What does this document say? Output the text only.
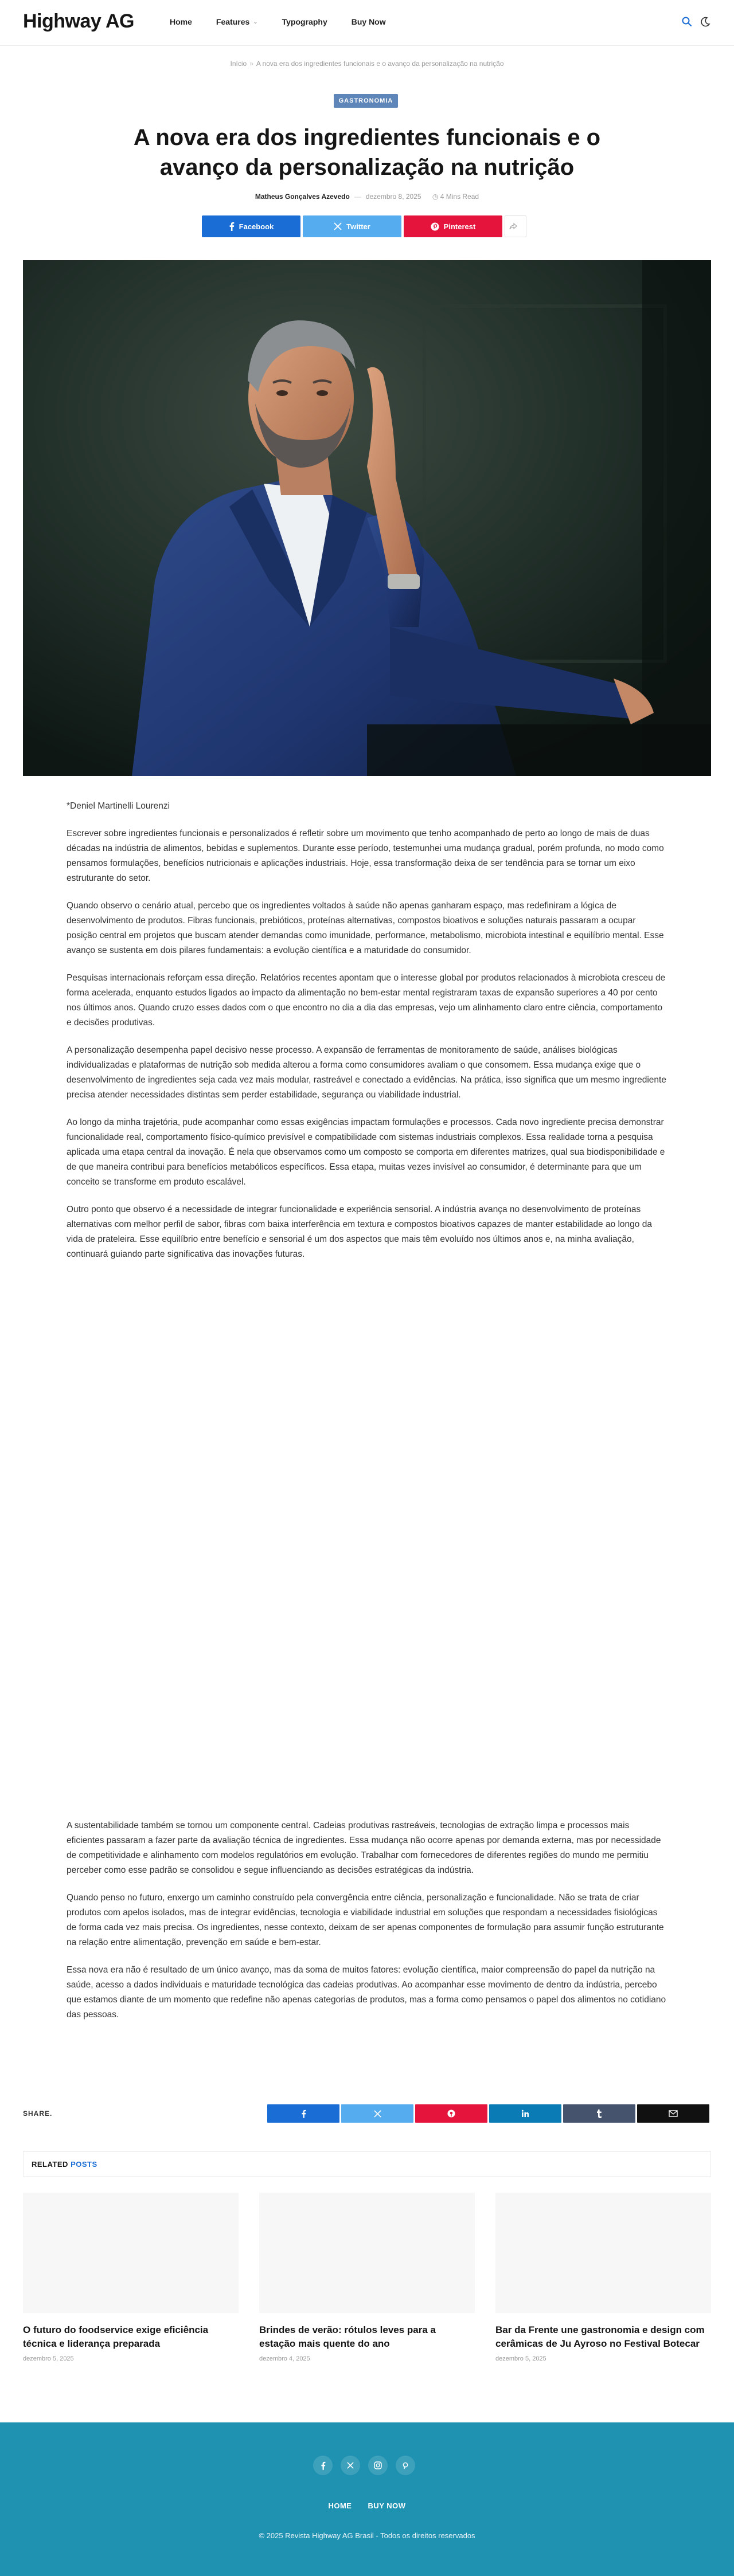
Highway AG	Home	Features ⌄	Typography	Buy Now
Início » A nova era dos ingredientes funcionais e o avanço da personalização na nutrição
GASTRONOMIA
A nova era dos ingredientes funcionais e o avanço da personalização na nutrição
Matheus Gonçalves Azevedo — dezembro 8, 2025 ◷ 4 Mins Read
Facebook	Twitter	Pinterest

*Deniel Martinelli Lourenzi

Escrever sobre ingredientes funcionais e personalizados é refletir sobre um movimento que tenho acompanhado de perto ao longo de mais de duas décadas na indústria de alimentos, bebidas e suplementos. Durante esse período, testemunhei uma mudança gradual, porém profunda, no modo como pensamos formulações, benefícios nutricionais e aplicações industriais. Hoje, essa transformação deixa de ser tendência para se tornar um eixo estruturante do setor.

Quando observo o cenário atual, percebo que os ingredientes voltados à saúde não apenas ganharam espaço, mas redefiniram a lógica de desenvolvimento de produtos. Fibras funcionais, prebióticos, proteínas alternativas, compostos bioativos e soluções naturais passaram a ocupar posição central em projetos que buscam atender demandas como imunidade, performance, metabolismo, microbiota intestinal e equilíbrio mental. Esse avanço se sustenta em dois pilares fundamentais: a evolução científica e a maturidade do consumidor.

Pesquisas internacionais reforçam essa direção. Relatórios recentes apontam que o interesse global por produtos relacionados à microbiota cresceu de forma acelerada, enquanto estudos ligados ao impacto da alimentação no bem-estar mental registraram taxas de expansão superiores a 40 por cento nos últimos anos. Quando cruzo esses dados com o que encontro no dia a dia das empresas, vejo um alinhamento claro entre ciência, comportamento e decisões produtivas.

A personalização desempenha papel decisivo nesse processo. A expansão de ferramentas de monitoramento de saúde, análises biológicas individualizadas e plataformas de nutrição sob medida alterou a forma como consumidores avaliam o que consomem. Essa mudança exige que o desenvolvimento de ingredientes seja cada vez mais modular, rastreável e conectado a evidências. Na prática, isso significa que um mesmo ingrediente precisa atender necessidades distintas sem perder estabilidade, segurança ou viabilidade industrial.

Ao longo da minha trajetória, pude acompanhar como essas exigências impactam formulações e processos. Cada novo ingrediente precisa demonstrar funcionalidade real, comportamento físico-químico previsível e compatibilidade com sistemas industriais complexos. Essa realidade torna a pesquisa aplicada uma etapa central da inovação. É nela que observamos como um composto se comporta em diferentes matrizes, qual sua biodisponibilidade e de que maneira contribui para benefícios metabólicos específicos. Essa etapa, muitas vezes invisível ao consumidor, é determinante para que um conceito se transforme em produto escalável.

Outro ponto que observo é a necessidade de integrar funcionalidade e experiência sensorial. A indústria avança no desenvolvimento de proteínas alternativas com melhor perfil de sabor, fibras com baixa interferência em textura e compostos bioativos capazes de manter estabilidade ao longo da vida de prateleira. Esse equilíbrio entre benefício e sensorial é um dos aspectos que mais têm evoluído nos últimos anos e, na minha avaliação, continuará guiando parte significativa das inovações futuras.

A sustentabilidade também se tornou um componente central. Cadeias produtivas rastreáveis, tecnologias de extração limpa e processos mais eficientes passaram a fazer parte da avaliação técnica de ingredientes. Essa mudança não ocorre apenas por demanda externa, mas por necessidade de competitividade e alinhamento com modelos regulatórios em evolução. Trabalhar com fornecedores de diferentes regiões do mundo me permitiu perceber como esse padrão se consolidou e segue influenciando as decisões estratégicas da indústria.

Quando penso no futuro, enxergo um caminho construído pela convergência entre ciência, personalização e funcionalidade. Não se trata de criar produtos com apelos isolados, mas de integrar evidências, tecnologia e viabilidade industrial em soluções que respondam a necessidades fisiológicas de forma cada vez mais precisa. Os ingredientes, nesse contexto, deixam de ser apenas componentes de formulação para assumir função estruturante na relação entre alimentação, prevenção em saúde e bem-estar.

Essa nova era não é resultado de um único avanço, mas da soma de muitos fatores: evolução científica, maior compreensão do papel da nutrição na saúde, acesso a dados individuais e maturidade tecnológica das cadeias produtivas. Ao acompanhar esse movimento de dentro da indústria, percebo que estamos diante de um momento que redefine não apenas categorias de produtos, mas a forma como pensamos o papel dos alimentos no cotidiano das pessoas.

SHARE.
RELATED POSTS
O futuro do foodservice exige eficiência técnica e liderança preparada
dezembro 5, 2025
Brindes de verão: rótulos leves para a estação mais quente do ano
dezembro 4, 2025
Bar da Frente une gastronomia e design com cerâmicas de Ju Ayroso no Festival Botecar
dezembro 5, 2025
HOME BUY NOW
© 2025 Revista Highway AG Brasil - Todos os direitos reservados
